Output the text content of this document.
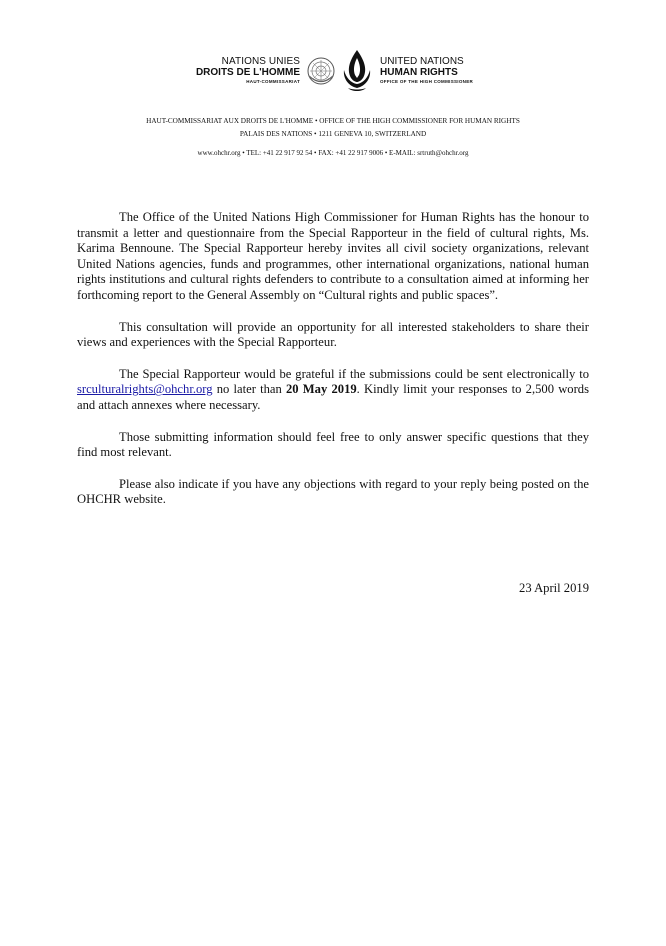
NATIONS UNIES
DROITS DE L'HOMME
HAUT-COMMISSARIAT
UNITED NATIONS
HUMAN RIGHTS
OFFICE OF THE HIGH COMMISSIONER
HAUT-COMMISSARIAT AUX DROITS DE L'HOMME • OFFICE OF THE HIGH COMMISSIONER FOR HUMAN RIGHTS
PALAIS DES NATIONS • 1211 GENEVA 10, SWITZERLAND
www.ohchr.org • TEL: +41 22 917 92 54 • FAX: +41 22 917 9006 • E-MAIL: srtruth@ohchr.org

The Office of the United Nations High Commissioner for Human Rights has the honour to transmit a letter and questionnaire from the Special Rapporteur in the field of cultural rights, Ms. Karima Bennoune. The Special Rapporteur hereby invites all civil society organizations, relevant United Nations agencies, funds and programmes, other international organizations, national human rights institutions and cultural rights defenders to contribute to a consultation aimed at informing her forthcoming report to the General Assembly on “Cultural rights and public spaces”.

This consultation will provide an opportunity for all interested stakeholders to share their views and experiences with the Special Rapporteur.

The Special Rapporteur would be grateful if the submissions could be sent electronically to srculturalrights@ohchr.org no later than 20 May 2019. Kindly limit your responses to 2,500 words and attach annexes where necessary.

Those submitting information should feel free to only answer specific questions that they find most relevant.

Please also indicate if you have any objections with regard to your reply being posted on the OHCHR website.

23 April 2019
